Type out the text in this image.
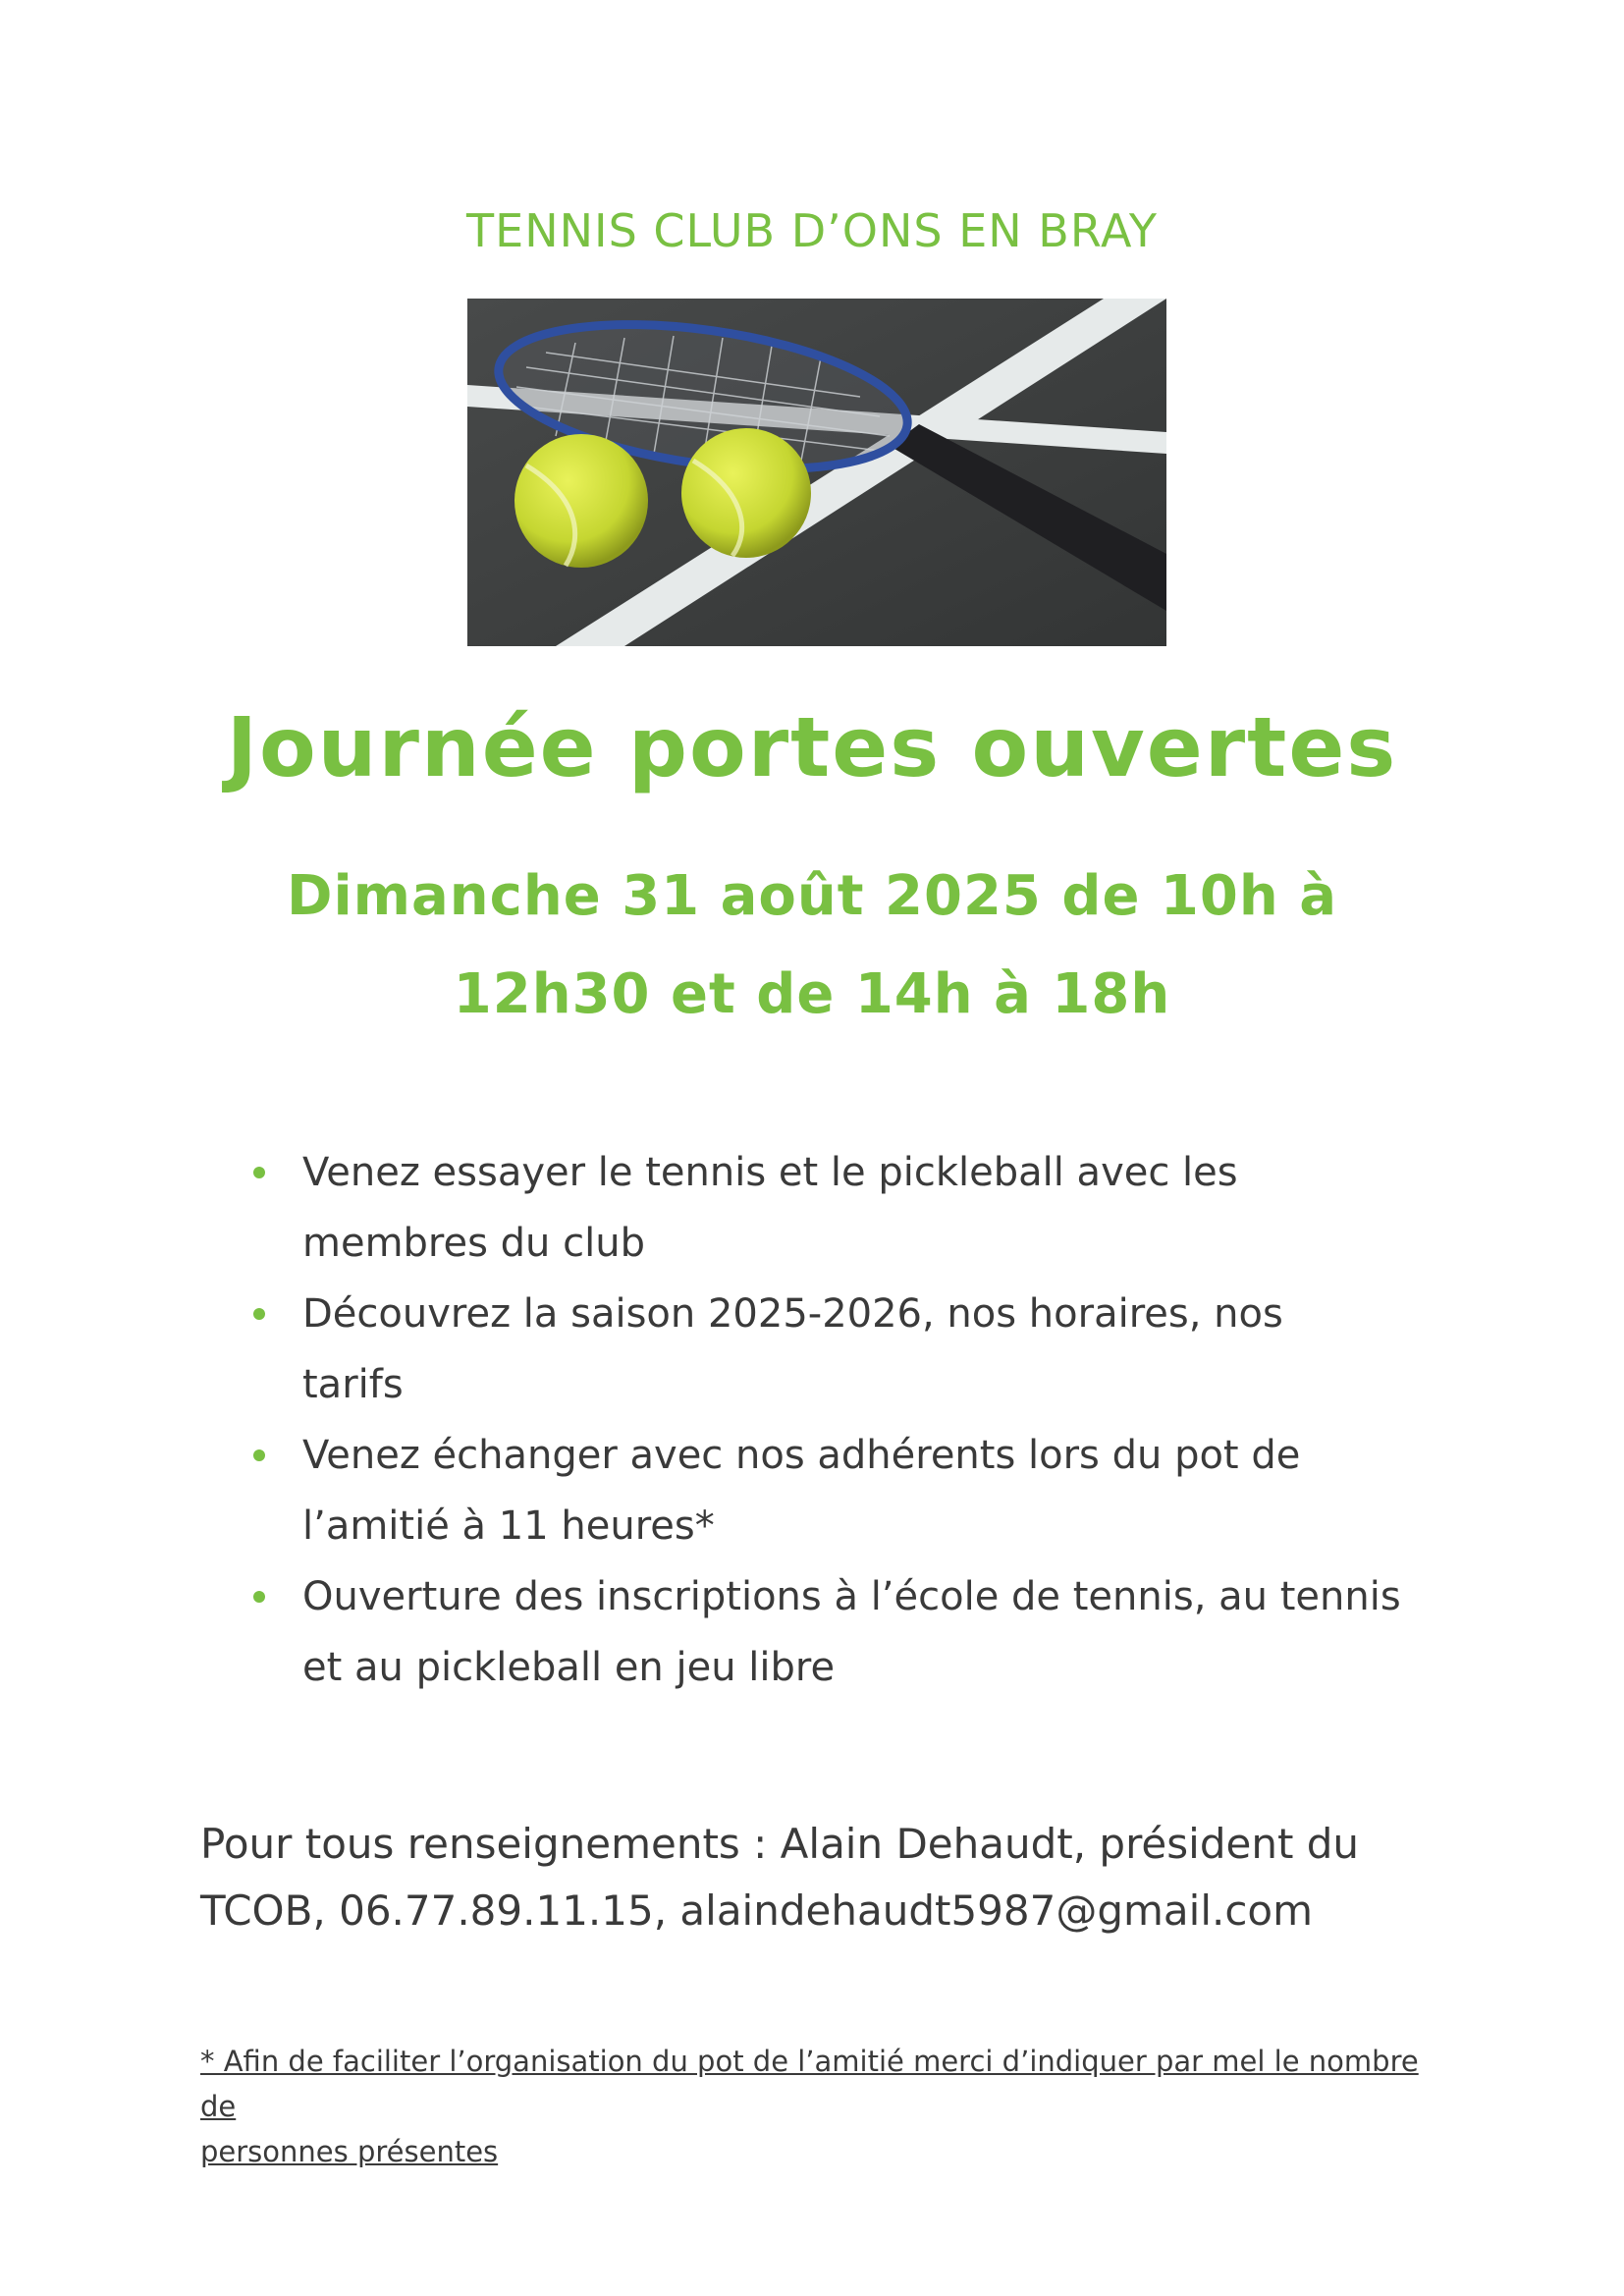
TENNIS CLUB D’ONS EN BRAY
Journée portes ouvertes
Dimanche 31 août 2025 de 10h à
12h30 et de 14h à 18h
Venez essayer le tennis et le pickleball avec les
membres du club
Découvrez la saison 2025-2026, nos horaires, nos
tarifs
Venez échanger avec nos adhérents lors du pot de
l’amitié à 11 heures*
Ouverture des inscriptions à l’école de tennis, au tennis
et au pickleball en jeu libre
Pour tous renseignements : Alain Dehaudt, président du
TCOB, 06.77.89.11.15, alaindehaudt5987@gmail.com
* Afin de faciliter l’organisation du pot de l’amitié merci d’indiquer par mel le nombre de
personnes présentes
